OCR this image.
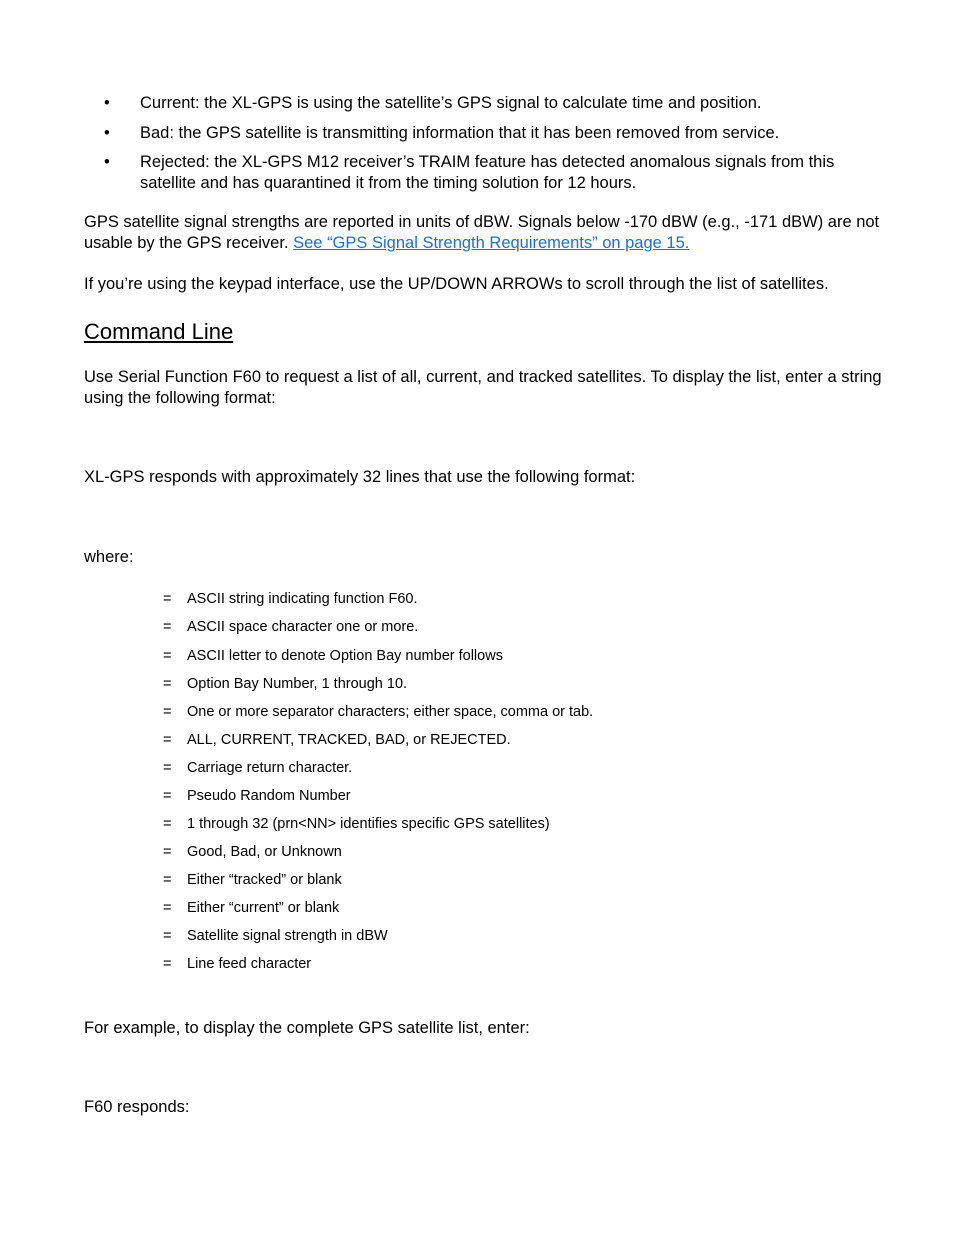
• Current: the XL-GPS is using the satellite’s GPS signal to calculate time and position.
• Bad: the GPS satellite is transmitting information that it has been removed from service.
• Rejected: the XL-GPS M12 receiver’s TRAIM feature has detected anomalous signals from this satellite and has quarantined it from the timing solution for 12 hours.
GPS satellite signal strengths are reported in units of dBW. Signals below -170 dBW (e.g., -171 dBW) are not usable by the GPS receiver. See “GPS Signal Strength Requirements” on page 15.
If you’re using the keypad interface, use the UP/DOWN ARROWs to scroll through the list of satellites.
Command Line
Use Serial Function F60 to request a list of all, current, and tracked satellites. To display the list, enter a string using the following format:
XL-GPS responds with approximately 32 lines that use the following format:
where:
= ASCII string indicating function F60.
= ASCII space character one or more.
= ASCII letter to denote Option Bay number follows
= Option Bay Number, 1 through 10.
= One or more separator characters; either space, comma or tab.
= ALL, CURRENT, TRACKED, BAD, or REJECTED.
= Carriage return character.
= Pseudo Random Number
= 1 through 32 (prn<NN> identifies specific GPS satellites)
= Good, Bad, or Unknown
= Either “tracked” or blank
= Either “current” or blank
= Satellite signal strength in dBW
= Line feed character
For example, to display the complete GPS satellite list, enter:
F60 responds:
